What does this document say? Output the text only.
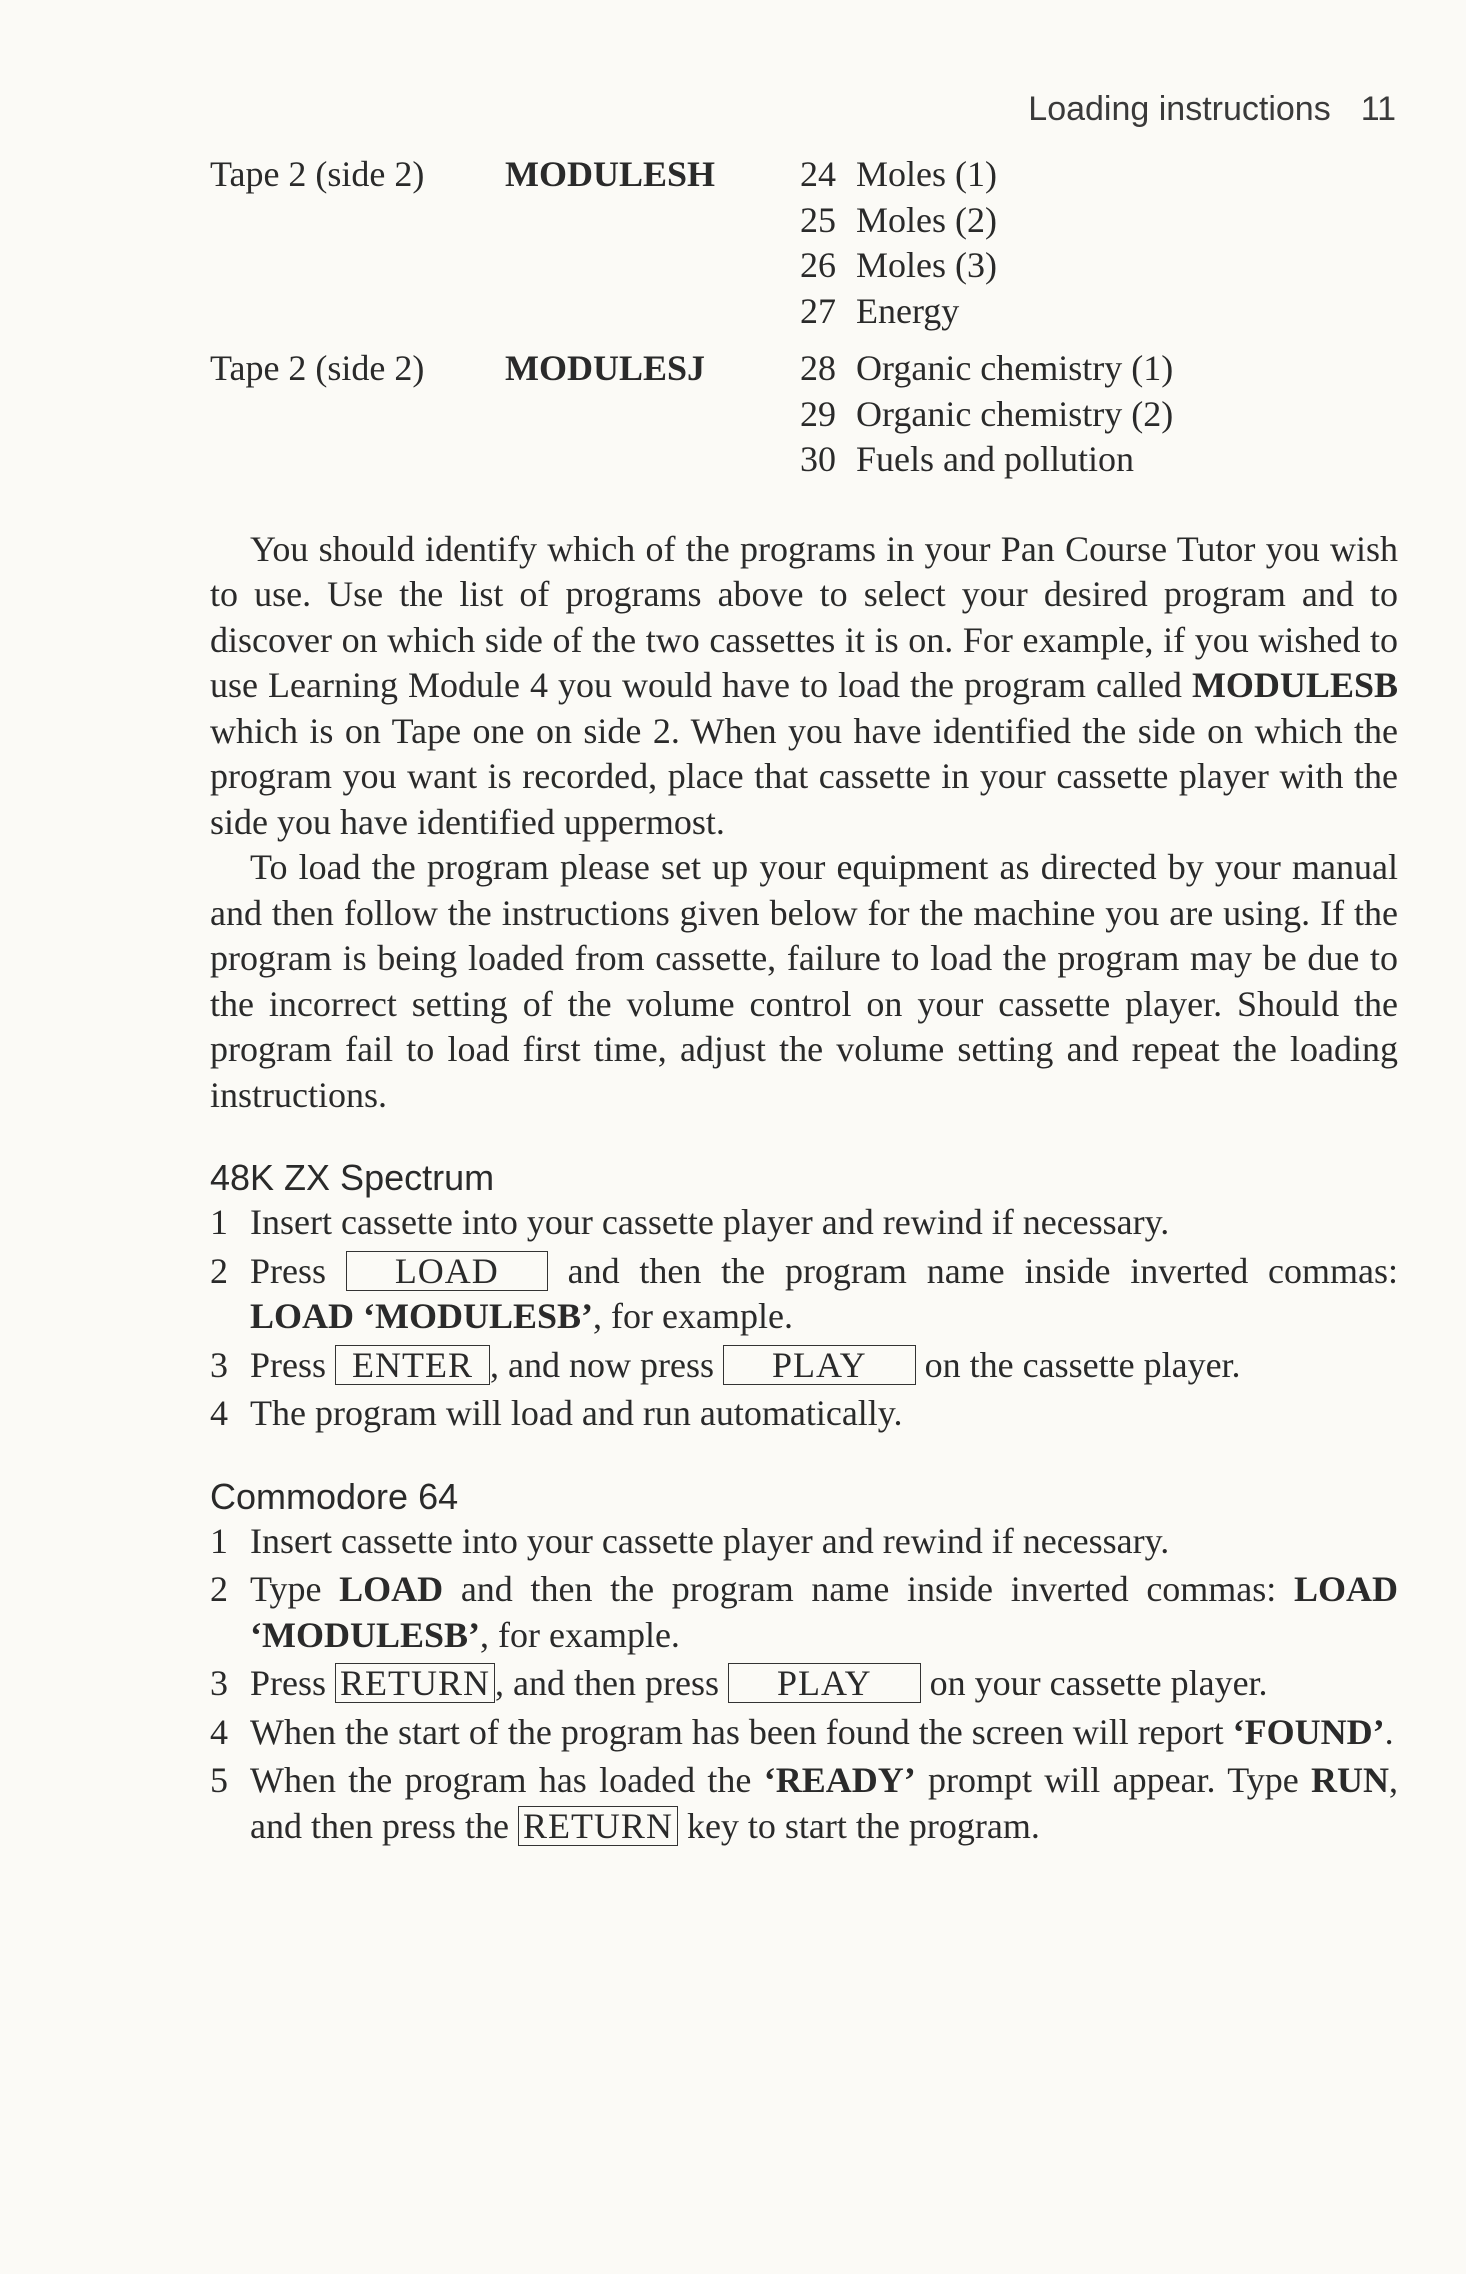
Loading instructions 11
Tape 2 (side 2)	MODULESH	24 Moles (1)
25 Moles (2)
26 Moles (3)
27 Energy
Tape 2 (side 2)	MODULESJ	28 Organic chemistry (1)
29 Organic chemistry (2)
30 Fuels and pollution

You should identify which of the programs in your Pan Course Tutor you wish to use. Use the list of programs above to select your desired program and to discover on which side of the two cassettes it is on. For example, if you wished to use Learning Module 4 you would have to load the program called MODULESB which is on Tape one on side 2. When you have identified the side on which the program you want is recorded, place that cassette in your cassette player with the side you have identified uppermost.

To load the program please set up your equipment as directed by your manual and then follow the instructions given below for the machine you are using. If the program is being loaded from cassette, failure to load the program may be due to the incorrect setting of the volume control on your cassette player. Should the program fail to load first time, adjust the volume setting and repeat the loading instructions.

48K ZX Spectrum
1 Insert cassette into your cassette player and rewind if necessary.
2 Press LOAD and then the program name inside inverted commas: LOAD ‘MODULESB’, for example.
3 Press ENTER , and now press PLAY on the cassette player.
4 The program will load and run automatically.
Commodore 64
1 Insert cassette into your cassette player and rewind if necessary.
2 Type LOAD and then the program name inside inverted commas: LOAD ‘MODULESB’, for example.
3 Press RETURN , and then press PLAY on your cassette player.
4 When the start of the program has been found the screen will report ‘FOUND’.
5 When the program has loaded the ‘READY’ prompt will appear. Type RUN, and then press the RETURN key to start the program.
